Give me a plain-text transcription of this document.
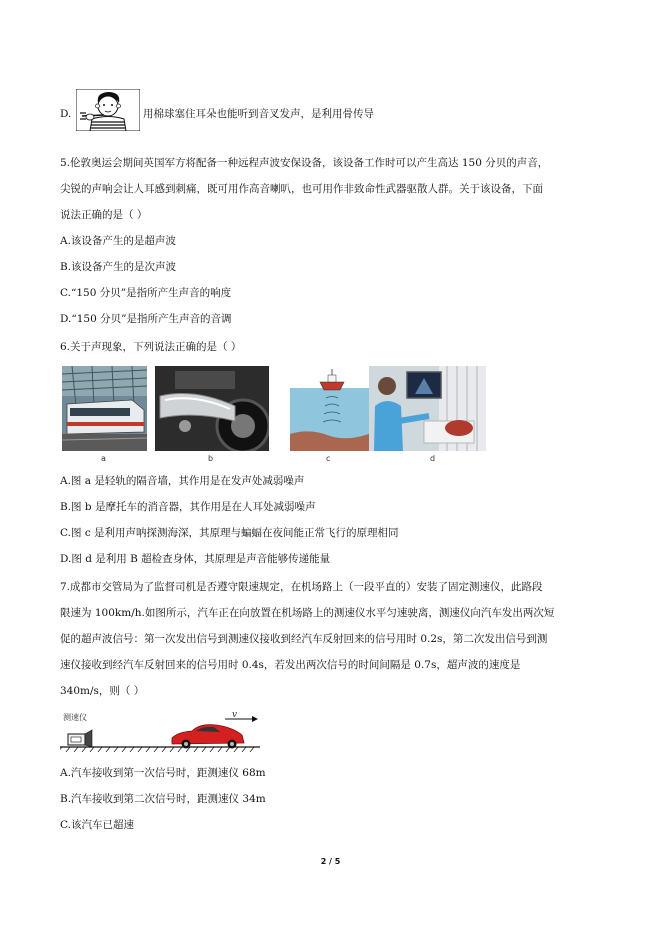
D.	用棉球塞住耳朵也能听到音叉发声，是利用骨传导
5.伦敦奥运会期间英国军方将配备一种远程声波安保设备，该设备工作时可以产生高达 150 分贝的声音，
尖锐的声响会让人耳感到刺痛，既可用作高音喇叭，也可用作非致命性武器驱散人群。关于该设备，下面
说法正确的是（ ）
A.该设备产生的是超声波
B.该设备产生的是次声波
C.“150 分贝”是指所产生声音的响度
D.“150 分贝”是指所产生声音的音调
6.关于声现象，下列说法正确的是（ ）
a	b	c	d
A.图 a 是轻轨的隔音墙，其作用是在发声处减弱噪声
B.图 b 是摩托车的消音器，其作用是在人耳处减弱噪声
C.图 c 是利用声呐探测海深，其原理与蝙蝠在夜间能正常飞行的原理相同
D.图 d 是利用 B 超检查身体，其原理是声音能够传递能量
7.成都市交管局为了监督司机是否遵守限速规定，在机场路上（一段平直的）安装了固定测速仪，此路段
限速为 100km/h.如图所示，汽车正在向放置在机场路上的测速仪水平匀速驶离，测速仪向汽车发出两次短
促的超声波信号：第一次发出信号到测速仪接收到经汽车反射回来的信号用时 0.2s，第二次发出信号到测
速仪接收到经汽车反射回来的信号用时 0.4s，若发出两次信号的时间间隔是 0.7s，超声波的速度是
340m/s，则（ ）
测速仪	v
A.汽车接收到第一次信号时，距测速仪 68m
B.汽车接收到第二次信号时，距测速仪 34m
C.该汽车已超速
2 / 5
